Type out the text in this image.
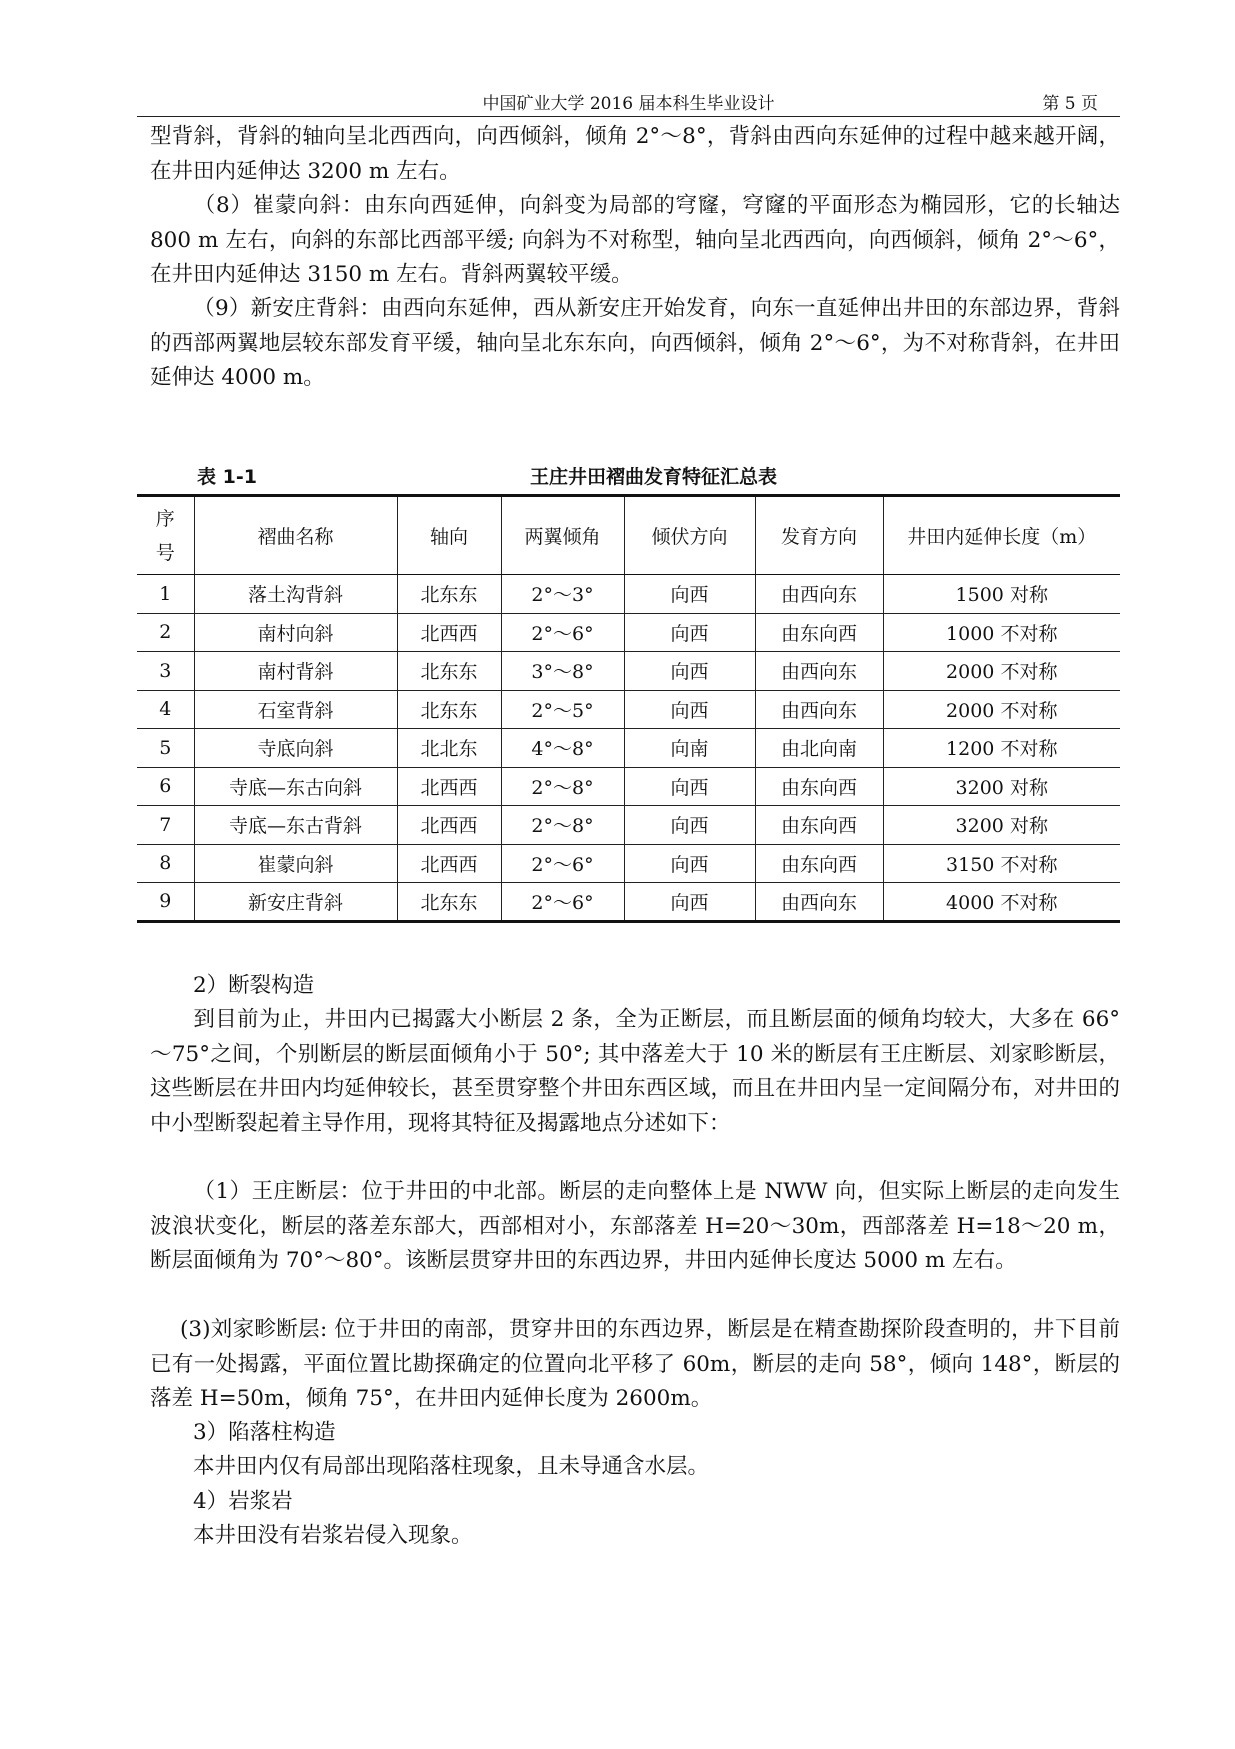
中国矿业大学 2016 届本科生毕业设计	第 5 页

型背斜，背斜的轴向呈北西西向，向西倾斜，倾角 2°～8°，背斜由西向东延伸的过程中越来越开阔，在井田内延伸达 3200 m 左右。

（8）崔蒙向斜：由东向西延伸，向斜变为局部的穹窿，穹窿的平面形态为椭园形，它的长轴达 800 m 左右，向斜的东部比西部平缓; 向斜为不对称型，轴向呈北西西向，向西倾斜，倾角 2°～6°，在井田内延伸达 3150 m 左右。背斜两翼较平缓。

（9）新安庄背斜：由西向东延伸，西从新安庄开始发育，向东一直延伸出井田的东部边界，背斜的西部两翼地层较东部发育平缓，轴向呈北东东向，向西倾斜，倾角 2°～6°，为不对称背斜，在井田延伸达 4000 m。

表 1-1	王庄井田褶曲发育特征汇总表
序
号	褶曲名称	轴向	两翼倾角	倾伏方向	发育方向	井田内延伸长度（m）
1	落土沟背斜	北东东	2°～3°	向西	由西向东	1500 对称
2	南村向斜	北西西	2°～6°	向西	由东向西	1000 不对称
3	南村背斜	北东东	3°～8°	向西	由西向东	2000 不对称
4	石室背斜	北东东	2°～5°	向西	由西向东	2000 不对称
5	寺底向斜	北北东	4°～8°	向南	由北向南	1200 不对称
6	寺底—东古向斜	北西西	2°～8°	向西	由东向西	3200 对称
7	寺底—东古背斜	北西西	2°～8°	向西	由东向西	3200 对称
8	崔蒙向斜	北西西	2°～6°	向西	由东向西	3150 不对称
9	新安庄背斜	北东东	2°～6°	向西	由西向东	4000 不对称

2）断裂构造

到目前为止，井田内已揭露大小断层 2 条，全为正断层，而且断层面的倾角均较大，大多在 66°～75°之间，个别断层的断层面倾角小于 50°; 其中落差大于 10 米的断层有王庄断层、刘家畛断层，这些断层在井田内均延伸较长，甚至贯穿整个井田东西区域，而且在井田内呈一定间隔分布，对井田的中小型断裂起着主导作用，现将其特征及揭露地点分述如下：

（1）王庄断层：位于井田的中北部。断层的走向整体上是 NWW 向，但实际上断层的走向发生波浪状变化，断层的落差东部大，西部相对小，东部落差 H=20～30m，西部落差 H=18～20 m，断层面倾角为 70°～80°。该断层贯穿井田的东西边界，井田内延伸长度达 5000 m 左右。

(3)刘家畛断层: 位于井田的南部，贯穿井田的东西边界，断层是在精查勘探阶段查明的，井下目前已有一处揭露，平面位置比勘探确定的位置向北平移了 60m，断层的走向 58°，倾向 148°，断层的落差 H=50m，倾角 75°，在井田内延伸长度为 2600m。

3）陷落柱构造

本井田内仅有局部出现陷落柱现象，且未导通含水层。

4）岩浆岩

本井田没有岩浆岩侵入现象。
